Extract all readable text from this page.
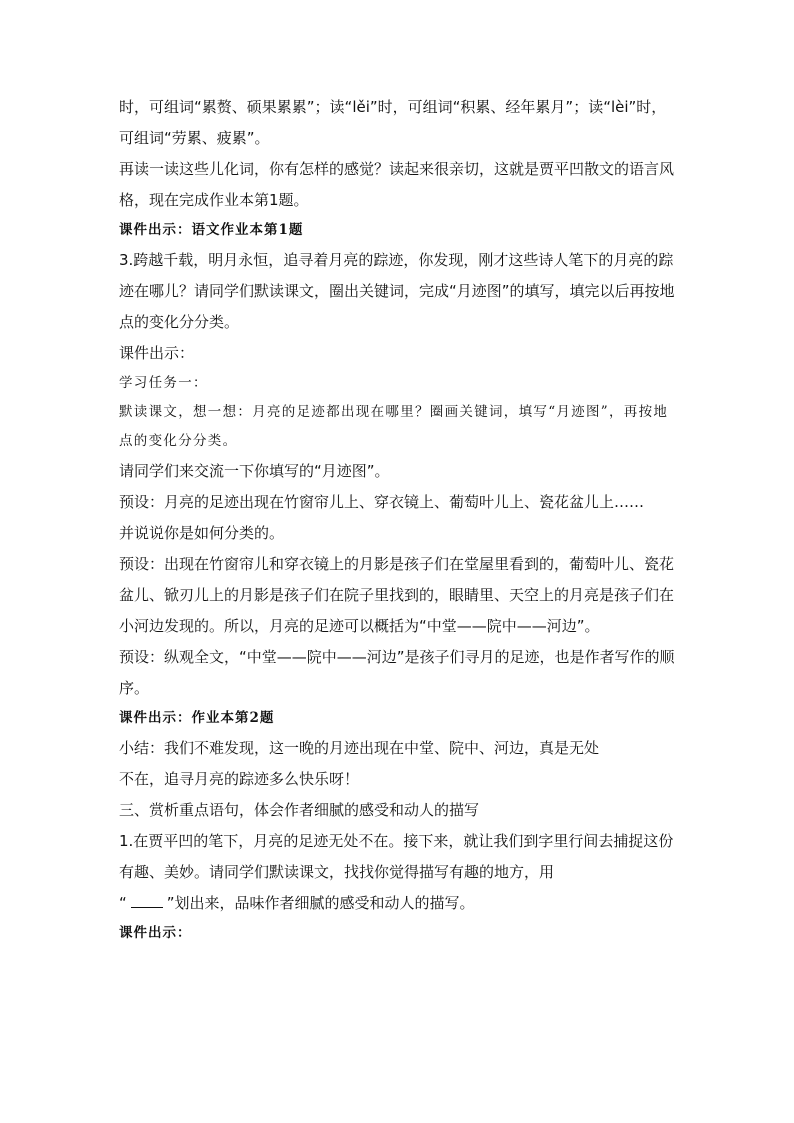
时，可组词“累赘、硕果累累”；读“lěi”时，可组词“积累、经年累月”；读“lèi”时，可组词“劳累、疲累”。

再读一读这些儿化词，你有怎样的感觉？读起来很亲切，这就是贾平凹散文的语言风格，现在完成作业本第1题。

课件出示：语文作业本第1题

3.跨越千载，明月永恒，追寻着月亮的踪迹，你发现，刚才这些诗人笔下的月亮的踪迹在哪儿？请同学们默读课文，圈出关键词，完成“月迹图”的填写，填完以后再按地点的变化分分类。

课件出示：

学习任务一：

默读课文，想一想：月亮的足迹都出现在哪里？圈画关键词，填写“月迹图”，再按地点的变化分分类。

请同学们来交流一下你填写的“月迹图”。

预设：月亮的足迹出现在竹窗帘儿上、穿衣镜上、葡萄叶儿上、瓷花盆儿上……

并说说你是如何分类的。

预设：出现在竹窗帘儿和穿衣镜上的月影是孩子们在堂屋里看到的，葡萄叶儿、瓷花盆儿、锨刃儿上的月影是孩子们在院子里找到的，眼睛里、天空上的月亮是孩子们在小河边发现的。所以，月亮的足迹可以概括为“中堂——院中——河边”。

预设：纵观全文，“中堂——院中——河边”是孩子们寻月的足迹，也是作者写作的顺序。

课件出示：作业本第2题

小结：我们不难发现，这一晚的月迹出现在中堂、院中、河边，真是无处

不在，追寻月亮的踪迹多么快乐呀！

三、赏析重点语句，体会作者细腻的感受和动人的描写

1.在贾平凹的笔下，月亮的足迹无处不在。接下来，就让我们到字里行间去捕捉这份有趣、美妙。请同学们默读课文，找找你觉得描写有趣的地方，用

“	”划出来，品味作者细腻的感受和动人的描写。

课件出示：
